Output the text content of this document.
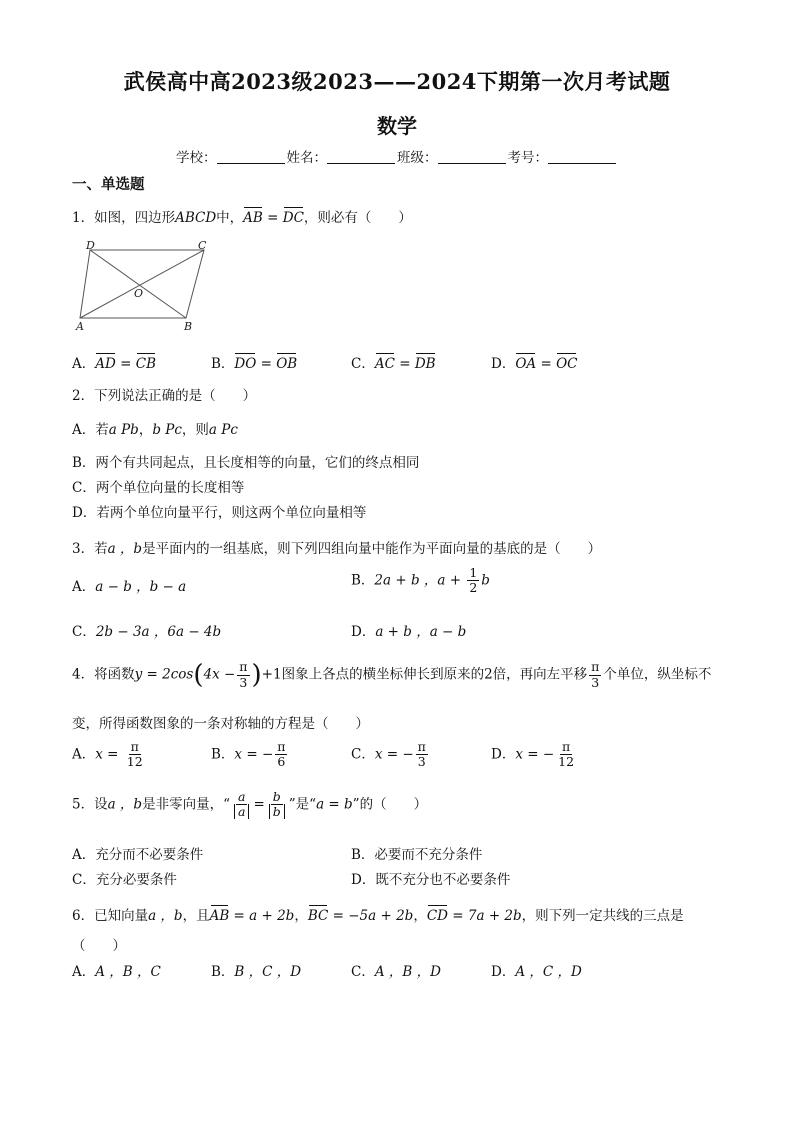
武侯高中高2023级2023——2024下期第一次月考试题
数学
学校：	姓名：	班级：	考号：
一、单选题
1．如图，四边形ABCD中，AB = DC，则必有（　　）
D	C
A	B
O
A．AD = CB	B．DO = OB	C．AC = DB	D．OA = OC
2．下列说法正确的是（　　）
A．若a Pb，b Pc，则a Pc
B．两个有共同起点，且长度相等的向量，它们的终点相同
C．两个单位向量的长度相等
D．若两个单位向量平行，则这两个单位向量相等
3．若a ，b是平面内的一组基底，则下列四组向量中能作为平面向量的基底的是（　　）
A．a − b ，b − a	B．2a + b ，$a + \frac{1}{2}$ b
C．2b − 3a ，6a − 4b	D．a + b ，a − b
4．将函数$y = 2\cos(4x - \frac{\pi}{3} )+1$图象上各点的横坐标伸长到原来的2倍，再向左平移 $\frac{\pi}{3}$ 个单位，纵坐标不
变，所得函数图象的一条对称轴的方程是（　　）
A．$x = \frac{\pi}{12}$	B．x = − $\frac{\pi}{6}$	C．x = − $\frac{\pi}{3}$	D．x = − $\frac{\pi}{12}$
5．设a ，b是非零向量，“ $\frac{a}{a} = \frac{b}{b}$ ”是“a = b”的（　　）
A．充分而不必要条件	B．必要而不充分条件
C．充分必要条件	D．既不充分也不必要条件
6．已知向量a ，b，且AB = a + 2b，BC = −5a + 2b，CD = 7a + 2b，则下列一定共线的三点是
（　　）
A．A ，B ，C	B．B ，C ，D	C．A ，B ，D	D．A ，C ，D
